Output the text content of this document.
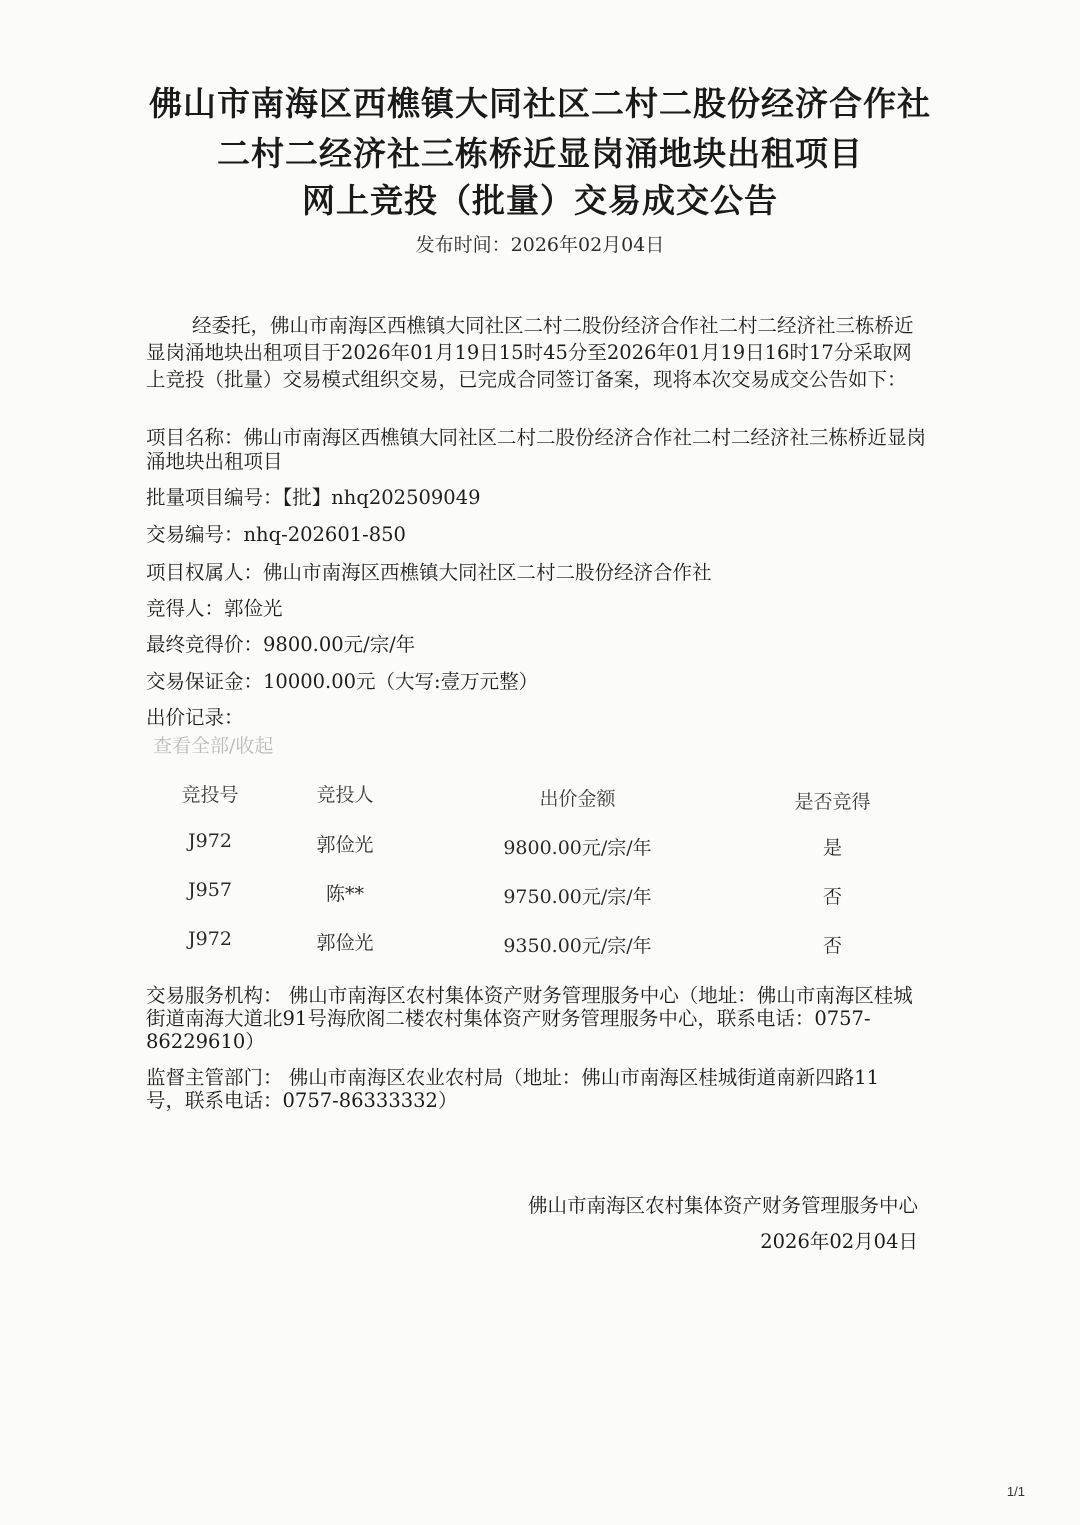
佛山市南海区西樵镇大同社区二村二股份经济合作社
二村二经济社三栋桥近显岗涌地块出租项目
网上竞投（批量）交易成交公告
发布时间：2026年02月04日
经委托，佛山市南海区西樵镇大同社区二村二股份经济合作社二村二经济社三栋桥近显岗涌地块出租项目于2026年01月19日15时45分至2026年01月19日16时17分采取网上竞投（批量）交易模式组织交易，已完成合同签订备案，现将本次交易成交公告如下：
项目名称：佛山市南海区西樵镇大同社区二村二股份经济合作社二村二经济社三栋桥近显岗涌地块出租项目
批量项目编号：【批】nhq202509049
交易编号：nhq-202601-850
项目权属人：佛山市南海区西樵镇大同社区二村二股份经济合作社
竞得人：郭俭光
最终竞得价：9800.00元/宗/年
交易保证金：10000.00元（大写:壹万元整）
出价记录：
查看全部/收起
竞投号	竞投人	出价金额	是否竞得
J972	郭俭光	9800.00元/宗/年	是
J957	陈**	9750.00元/宗/年	否
J972	郭俭光	9350.00元/宗/年	否
交易服务机构： 佛山市南海区农村集体资产财务管理服务中心（地址：佛山市南海区桂城街道南海大道北91号海欣阁二楼农村集体资产财务管理服务中心，联系电话：0757-86229610）
监督主管部门： 佛山市南海区农业农村局（地址：佛山市南海区桂城街道南新四路11号，联系电话：0757-86333332）
佛山市南海区农村集体资产财务管理服务中心
2026年02月04日
1/1
